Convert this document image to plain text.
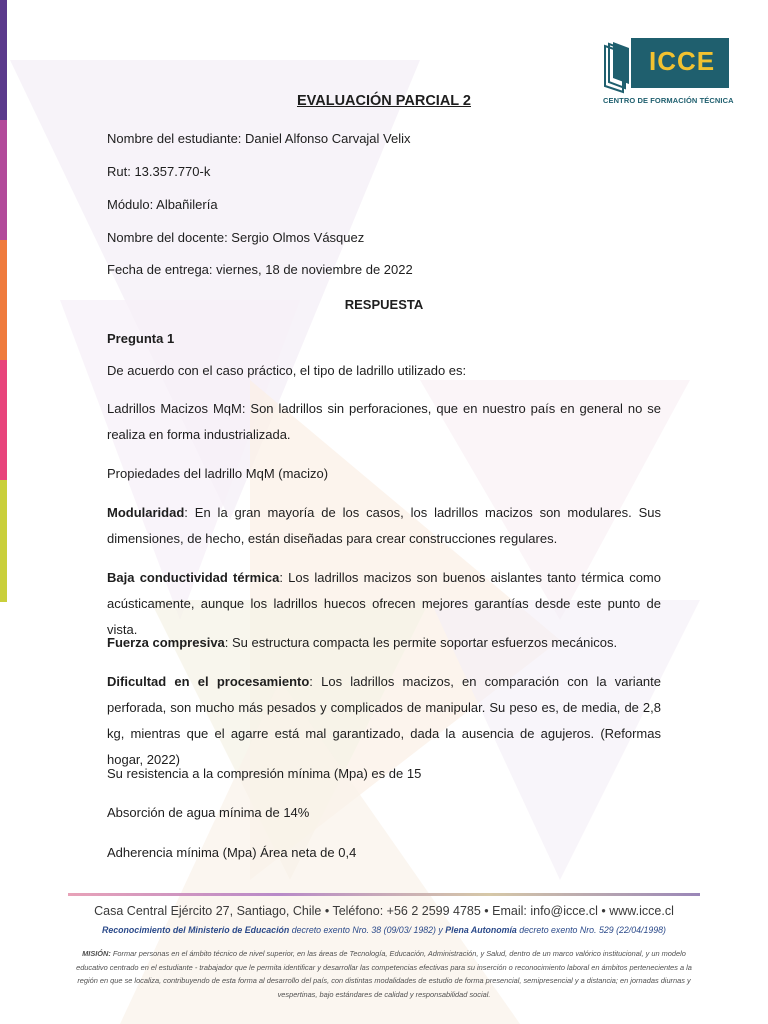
ICCE
CENTRO DE FORMACIÓN TÉCNICA
EVALUACIÓN PARCIAL 2
Nombre del estudiante: Daniel Alfonso Carvajal Velix
Rut: 13.357.770-k
Módulo: Albañilería
Nombre del docente: Sergio Olmos Vásquez
Fecha de entrega: viernes, 18 de noviembre de 2022
RESPUESTA
Pregunta 1
De acuerdo con el caso práctico, el tipo de ladrillo utilizado es:
Ladrillos Macizos MqM: Son ladrillos sin perforaciones, que en nuestro país en general no se realiza en forma industrializada.
Propiedades del ladrillo MqM (macizo)
Modularidad: En la gran mayoría de los casos, los ladrillos macizos son modulares. Sus dimensiones, de hecho, están diseñadas para crear construcciones regulares.
Baja conductividad térmica: Los ladrillos macizos son buenos aislantes tanto térmica como acústicamente, aunque los ladrillos huecos ofrecen mejores garantías desde este punto de vista.
Fuerza compresiva: Su estructura compacta les permite soportar esfuerzos mecánicos.
Dificultad en el procesamiento: Los ladrillos macizos, en comparación con la variante perforada, son mucho más pesados y complicados de manipular. Su peso es, de media, de 2,8 kg, mientras que el agarre está mal garantizado, dada la ausencia de agujeros. (Reformas hogar, 2022)
Su resistencia a la compresión mínima (Mpa) es de 15
Absorción de agua mínima de 14%
Adherencia mínima (Mpa) Área neta de 0,4
Casa Central Ejército 27, Santiago, Chile • Teléfono: +56 2 2599 4785 • Email: info@icce.cl • www.icce.cl
Reconocimiento del Ministerio de Educación decreto exento Nro. 38 (09/03/ 1982) y Plena Autonomía decreto exento Nro. 529 (22/04/1998)
MISIÓN: Formar personas en el ámbito técnico de nivel superior, en las áreas de Tecnología, Educación, Administración, y Salud, dentro de un marco valórico institucional, y un modelo educativo centrado en el estudiante - trabajador que le permita identificar y desarrollar las competencias efectivas para su inserción o reconocimiento laboral en ámbitos pertenecientes a la región en que se localiza, contribuyendo de esta forma al desarrollo del país, con distintas modalidades de estudio de forma presencial, semipresencial y a distancia; en jornadas diurnas y vespertinas, bajo estándares de calidad y responsabilidad social.
